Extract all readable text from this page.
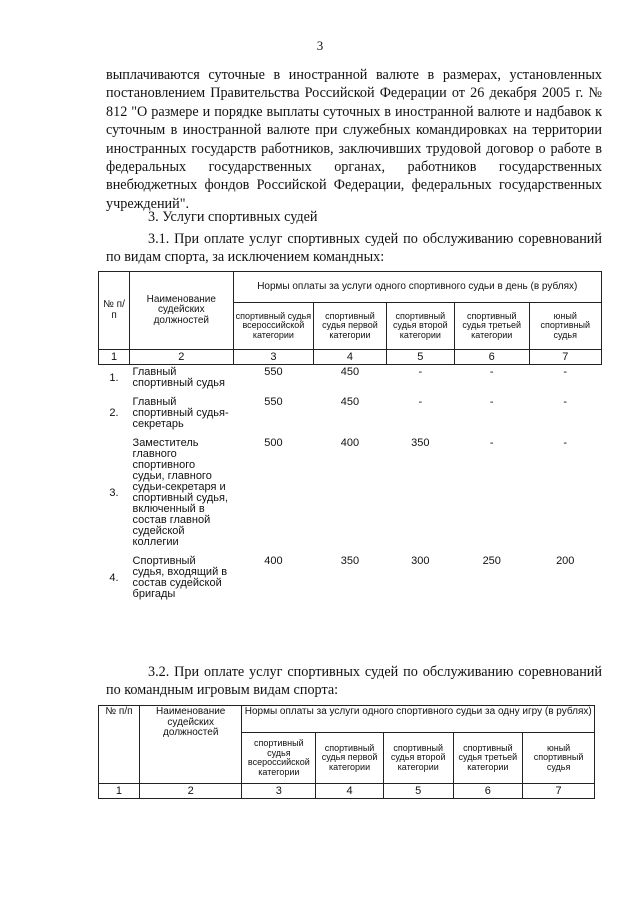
3
выплачиваются суточные в иностранной валюте в размерах, установленных постановлением Правительства Российской Федерации от 26 декабря 2005 г. № 812 "О размере и порядке выплаты суточных в иностранной валюте и надбавок к суточным в иностранной валюте при служебных командировках на территории иностранных государств работников, заключивших трудовой договор о работе в федеральных государственных органах, работников государственных внебюджетных фондов Российской Федерации, федеральных государственных учреждений".
3. Услуги спортивных судей
3.1. При оплате услуг спортивных судей по обслуживанию соревнований по видам спорта, за исключением командных:
№ п/п	Наименование судейских должностей	Нормы оплаты за услуги одного спортивного судьи в день (в рублях)				
		спортивный судья всероссийской категории	спортивный судья первой категории	спортивный судья второй категории	спортивный судья третьей категории	юный спортивный судья
1	2	3	4	5	6	7
1.	Главный спортивный судья	550	450	-	-	-
2.	Главный спортивный судья-секретарь	550	450	-	-	-
3.	Заместитель главного спортивного судьи, главного судьи-секретаря и спортивный судья, включенный в состав главной судейской коллегии	500	400	350	-	-
4.	Спортивный судья, входящий в состав судейской бригады	400	350	300	250	200
3.2. При оплате услуг спортивных судей по обслуживанию соревнований по командным игровым видам спорта:
№ п/п	Наименование судейских должностей	Нормы оплаты за услуги одного спортивного судьи за одну игру (в рублях)				
		спортивный судья всероссийской категории	спортивный судья первой категории	спортивный судья второй категории	спортивный судья третьей категории	юный спортивный судья
1	2	3	4	5	6	7
